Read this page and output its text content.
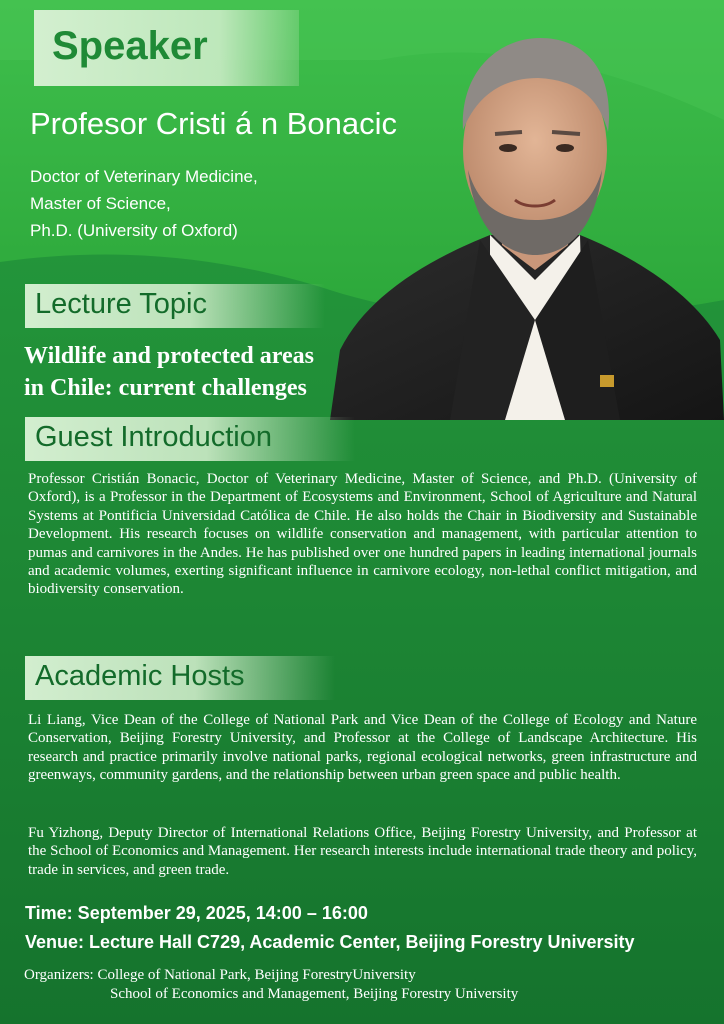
Speaker
Profesor Cristi á n Bonacic
Doctor of Veterinary Medicine,
Master of Science,
Ph.D. (University of Oxford)
Lecture Topic
Wildlife and protected areas
in Chile: current challenges
Guest Introduction
Professor Cristián Bonacic, Doctor of Veterinary Medicine, Master of Science, and Ph.D. (University of Oxford), is a Professor in the Department of Ecosystems and Environment, School of Agriculture and Natural Systems at Pontificia Universidad Católica de Chile. He also holds the Chair in Biodiversity and Sustainable Development. His research focuses on wildlife conservation and management, with particular attention to pumas and carnivores in the Andes. He has published over one hundred papers in leading international journals and academic volumes, exerting significant influence in carnivore ecology, non-lethal conflict mitigation, and biodiversity conservation.
Academic Hosts
Li Liang, Vice Dean of the College of National Park and Vice Dean of the College of Ecology and Nature Conservation, Beijing Forestry University, and Professor at the College of Landscape Architecture. His research and practice primarily involve national parks, regional ecological networks, green infrastructure and greenways, community gardens, and the relationship between urban green space and public health.
Fu Yizhong, Deputy Director of International Relations Office, Beijing Forestry University, and Professor at the School of Economics and Management. Her research interests include international trade theory and policy, trade in services, and green trade.
Time: September 29, 2025, 14:00 – 16:00
Venue: Lecture Hall C729, Academic Center, Beijing Forestry University
Organizers: College of National Park, Beijing ForestryUniversity
School of Economics and Management, Beijing Forestry University
